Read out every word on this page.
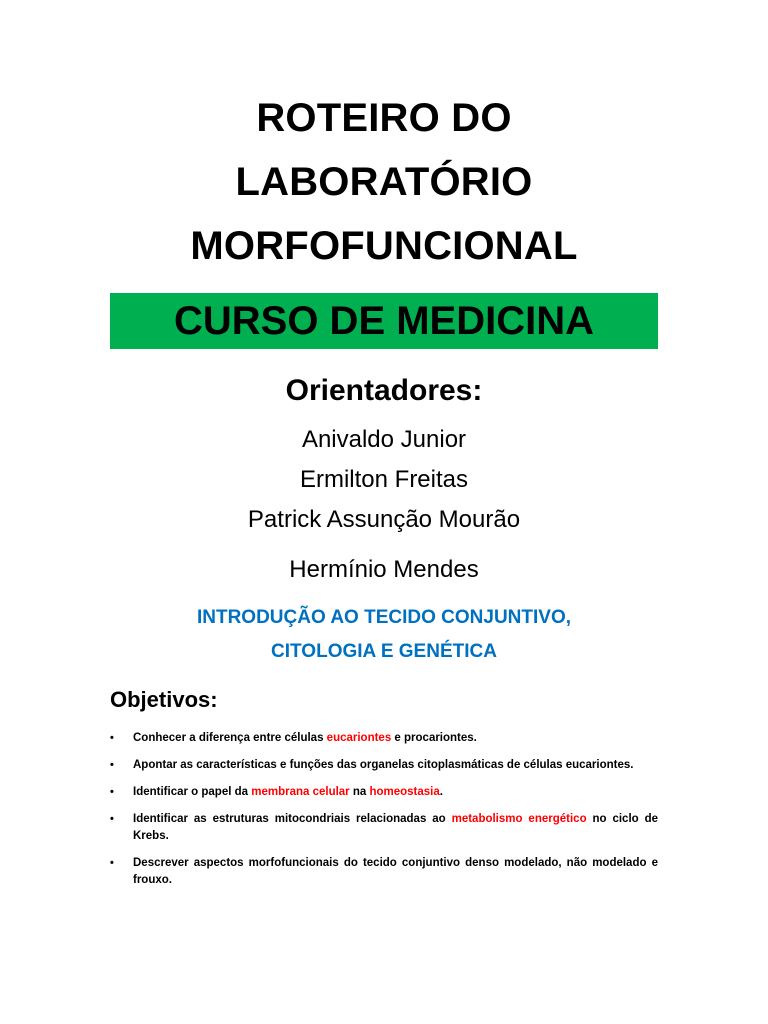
ROTEIRO DO
LABORATÓRIO
MORFOFUNCIONAL
CURSO DE MEDICINA
Orientadores:
Anivaldo Junior
Ermilton Freitas
Patrick Assunção Mourão
Hermínio Mendes
INTRODUÇÃO AO TECIDO CONJUNTIVO,
CITOLOGIA E GENÉTICA
Objetivos:
• Conhecer a diferença entre células eucariontes e procariontes.
• Apontar as características e funções das organelas citoplasmáticas de células eucariontes.
• Identificar o papel da membrana celular na homeostasia.
• Identificar as estruturas mitocondriais relacionadas ao metabolismo energético no ciclo de Krebs.
• Descrever aspectos morfofuncionais do tecido conjuntivo denso modelado, não modelado e frouxo.
